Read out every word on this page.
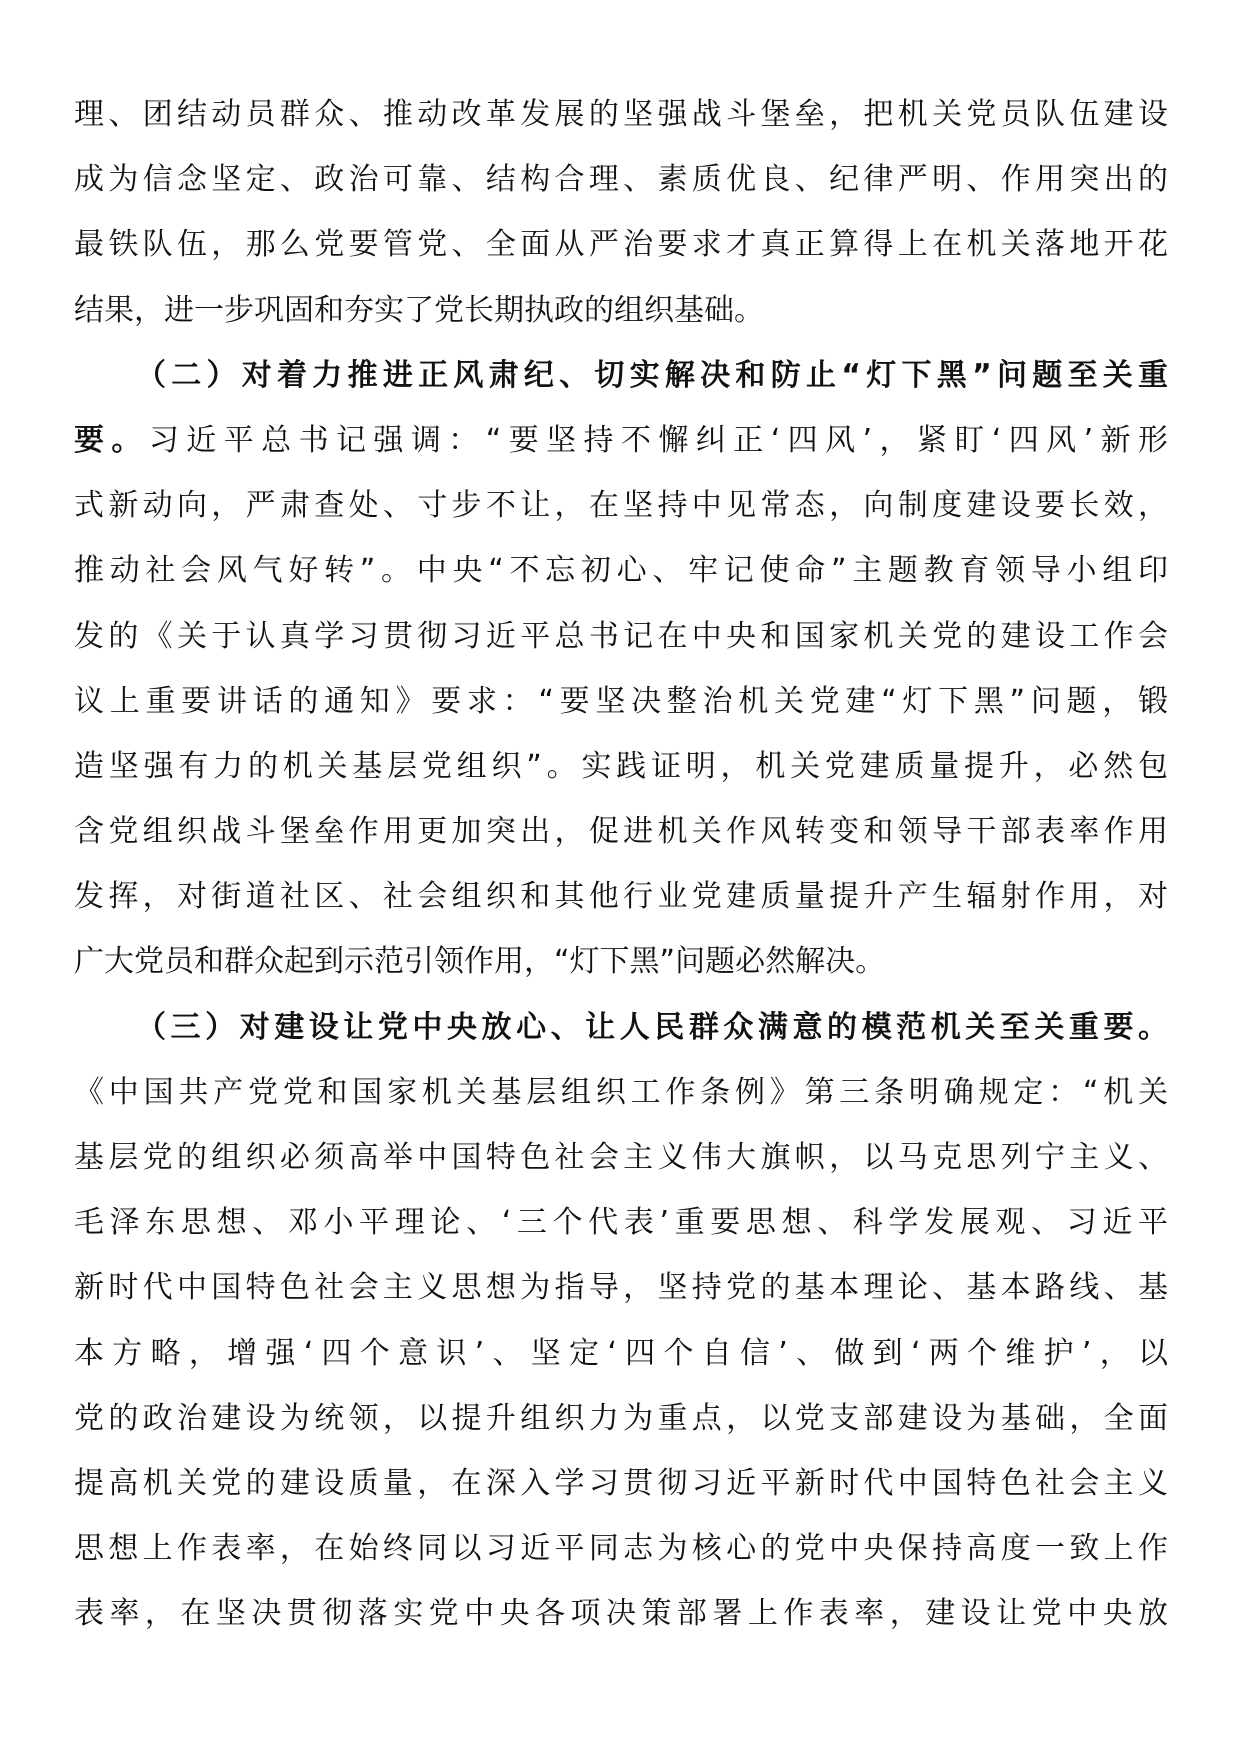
理、团结动员群众、推动改革发展的坚强战斗堡垒，把机关党员队伍建设
成为信念坚定、政治可靠、结构合理、素质优良、纪律严明、作用突出的
最铁队伍，那么党要管党、全面从严治要求才真正算得上在机关落地开花
结果，进一步巩固和夯实了党长期执政的组织基础。
（二）对着力推进正风肃纪、切实解决和防止“灯下黑”问题至关重
要。习近平总书记强调：“要坚持不懈纠正‘四风’，紧盯‘四风’新形
式新动向，严肃查处、寸步不让，在坚持中见常态，向制度建设要长效，
推动社会风气好转”。中央“不忘初心、牢记使命”主题教育领导小组印
发的《关于认真学习贯彻习近平总书记在中央和国家机关党的建设工作会
议上重要讲话的通知》要求：“要坚决整治机关党建“灯下黑”问题，锻
造坚强有力的机关基层党组织”。实践证明，机关党建质量提升，必然包
含党组织战斗堡垒作用更加突出，促进机关作风转变和领导干部表率作用
发挥，对街道社区、社会组织和其他行业党建质量提升产生辐射作用，对
广大党员和群众起到示范引领作用，“灯下黑”问题必然解决。
（三）对建设让党中央放心、让人民群众满意的模范机关至关重要。
《中国共产党党和国家机关基层组织工作条例》第三条明确规定：“机关
基层党的组织必须高举中国特色社会主义伟大旗帜，以马克思列宁主义、
毛泽东思想、邓小平理论、‘三个代表’重要思想、科学发展观、习近平
新时代中国特色社会主义思想为指导，坚持党的基本理论、基本路线、基
本方略，增强‘四个意识’、坚定‘四个自信’、做到‘两个维护’，以
党的政治建设为统领，以提升组织力为重点，以党支部建设为基础，全面
提高机关党的建设质量，在深入学习贯彻习近平新时代中国特色社会主义
思想上作表率，在始终同以习近平同志为核心的党中央保持高度一致上作
表率，在坚决贯彻落实党中央各项决策部署上作表率，建设让党中央放
